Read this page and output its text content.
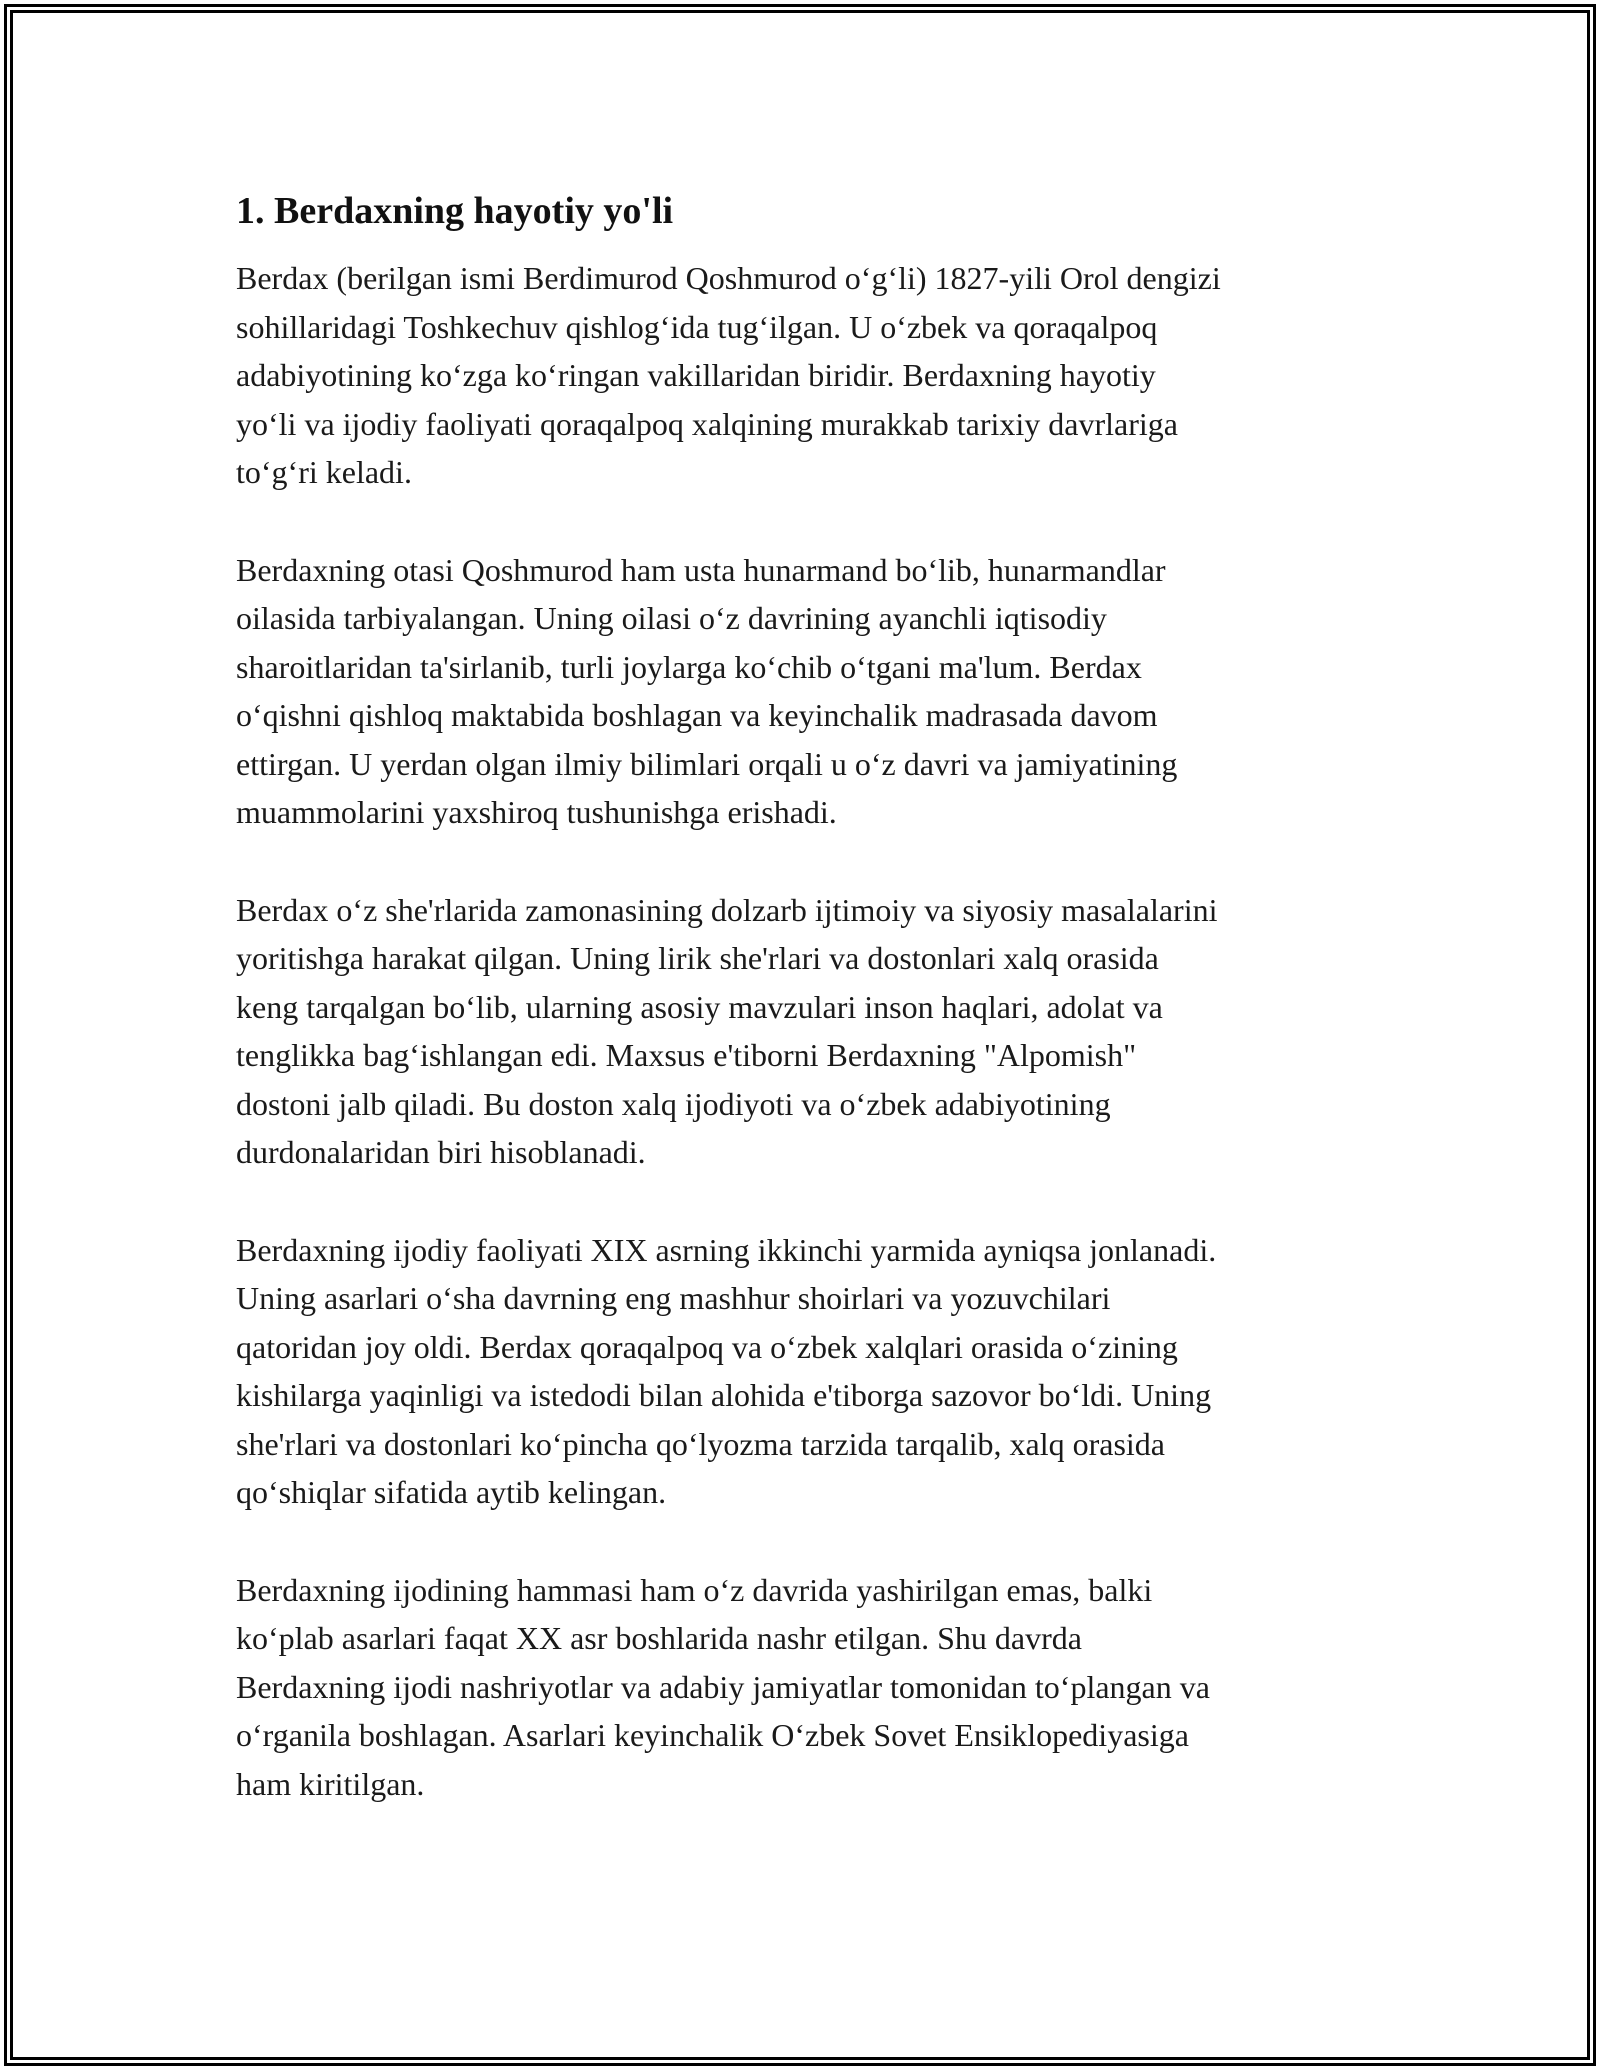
1. Berdaxning hayotiy yo'li

Berdax (berilgan ismi Berdimurod Qoshmurod o‘g‘li) 1827-yili Orol dengizi
sohillaridagi Toshkechuv qishlog‘ida tug‘ilgan. U o‘zbek va qoraqalpoq
adabiyotining ko‘zga ko‘ringan vakillaridan biridir. Berdaxning hayotiy
yo‘li va ijodiy faoliyati qoraqalpoq xalqining murakkab tarixiy davrlariga
to‘g‘ri keladi.

Berdaxning otasi Qoshmurod ham usta hunarmand bo‘lib, hunarmandlar
oilasida tarbiyalangan. Uning oilasi o‘z davrining ayanchli iqtisodiy
sharoitlaridan ta'sirlanib, turli joylarga ko‘chib o‘tgani ma'lum. Berdax
o‘qishni qishloq maktabida boshlagan va keyinchalik madrasada davom
ettirgan. U yerdan olgan ilmiy bilimlari orqali u o‘z davri va jamiyatining
muammolarini yaxshiroq tushunishga erishadi.

Berdax o‘z she'rlarida zamonasining dolzarb ijtimoiy va siyosiy masalalarini
yoritishga harakat qilgan. Uning lirik she'rlari va dostonlari xalq orasida
keng tarqalgan bo‘lib, ularning asosiy mavzulari inson haqlari, adolat va
tenglikka bag‘ishlangan edi. Maxsus e'tiborni Berdaxning "Alpomish"
dostoni jalb qiladi. Bu doston xalq ijodiyoti va o‘zbek adabiyotining
durdonalaridan biri hisoblanadi.

Berdaxning ijodiy faoliyati XIX asrning ikkinchi yarmida ayniqsa jonlanadi.
Uning asarlari o‘sha davrning eng mashhur shoirlari va yozuvchilari
qatoridan joy oldi. Berdax qoraqalpoq va o‘zbek xalqlari orasida o‘zining
kishilarga yaqinligi va istedodi bilan alohida e'tiborga sazovor bo‘ldi. Uning
she'rlari va dostonlari ko‘pincha qo‘lyozma tarzida tarqalib, xalq orasida
qo‘shiqlar sifatida aytib kelingan.

Berdaxning ijodining hammasi ham o‘z davrida yashirilgan emas, balki
ko‘plab asarlari faqat XX asr boshlarida nashr etilgan. Shu davrda
Berdaxning ijodi nashriyotlar va adabiy jamiyatlar tomonidan to‘plangan va
o‘rganila boshlagan. Asarlari keyinchalik O‘zbek Sovet Ensiklopediyasiga
ham kiritilgan.
